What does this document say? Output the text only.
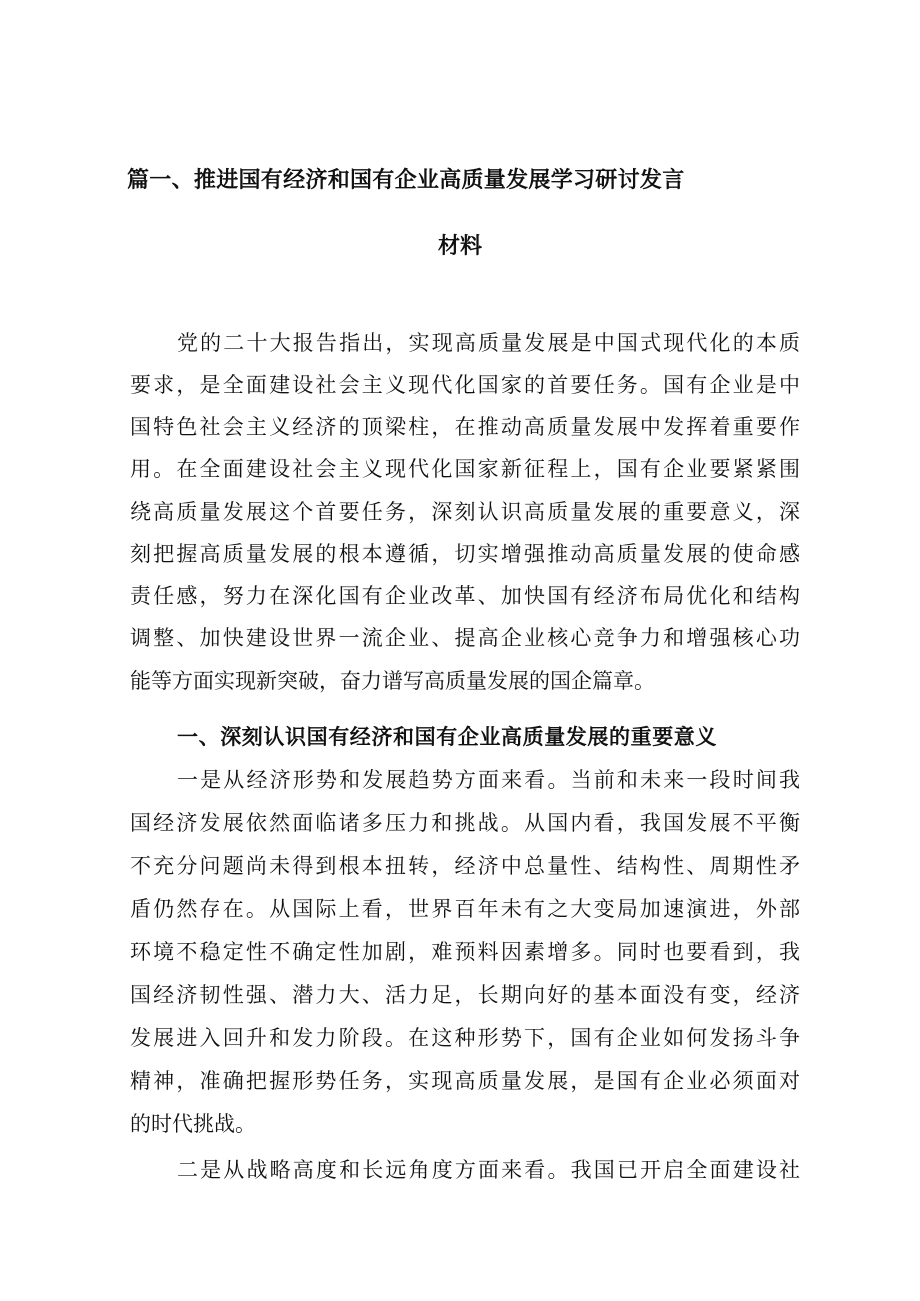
篇一、推进国有经济和国有企业高质量发展学习研讨发言
材料
党的二十大报告指出，实现高质量发展是中国式现代化的本质
要求，是全面建设社会主义现代化国家的首要任务。国有企业是中
国特色社会主义经济的顶梁柱，在推动高质量发展中发挥着重要作
用。在全面建设社会主义现代化国家新征程上，国有企业要紧紧围
绕高质量发展这个首要任务，深刻认识高质量发展的重要意义，深
刻把握高质量发展的根本遵循，切实增强推动高质量发展的使命感
责任感，努力在深化国有企业改革、加快国有经济布局优化和结构
调整、加快建设世界一流企业、提高企业核心竞争力和增强核心功
能等方面实现新突破，奋力谱写高质量发展的国企篇章。
一、深刻认识国有经济和国有企业高质量发展的重要意义
一是从经济形势和发展趋势方面来看。当前和未来一段时间我
国经济发展依然面临诸多压力和挑战。从国内看，我国发展不平衡
不充分问题尚未得到根本扭转，经济中总量性、结构性、周期性矛
盾仍然存在。从国际上看，世界百年未有之大变局加速演进，外部
环境不稳定性不确定性加剧，难预料因素增多。同时也要看到，我
国经济韧性强、潜力大、活力足，长期向好的基本面没有变，经济
发展进入回升和发力阶段。在这种形势下，国有企业如何发扬斗争
精神，准确把握形势任务，实现高质量发展，是国有企业必须面对
的时代挑战。
二是从战略高度和长远角度方面来看。我国已开启全面建设社
